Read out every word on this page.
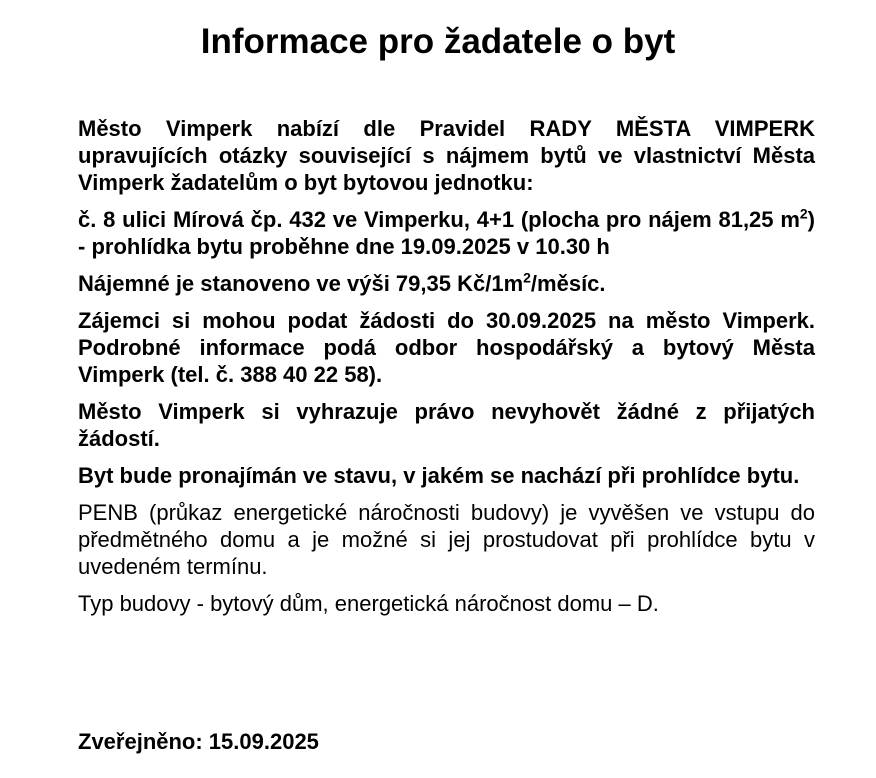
Informace pro žadatele o byt

Město Vimperk nabízí dle Pravidel RADY MĚSTA VIMPERK upravujících otázky související s nájmem bytů ve vlastnictví Města Vimperk žadatelům o byt bytovou jednotku:

č. 8 ulici Mírová čp. 432 ve Vimperku, 4+1 (plocha pro nájem 81,25 $m^2$) - prohlídka bytu proběhne dne 19.09.2025 v 10.30 h

Nájemné je stanoveno ve výši 79,35 $Kč/1m^2$/měsíc.

Zájemci si mohou podat žádosti do 30.09.2025 na město Vimperk. Podrobné informace podá odbor hospodářský a bytový Města Vimperk (tel. č. 388 40 22 58).

Město Vimperk si vyhrazuje právo nevyhovět žádné z přijatých žádostí.

Byt bude pronajímán ve stavu, v jakém se nachází při prohlídce bytu.

PENB (průkaz energetické náročnosti budovy) je vyvěšen ve vstupu do předmětného domu a je možné si jej prostudovat při prohlídce bytu v uvedeném termínu.

Typ budovy - bytový dům, energetická náročnost domu – D.

Zveřejněno: 15.09.2025
